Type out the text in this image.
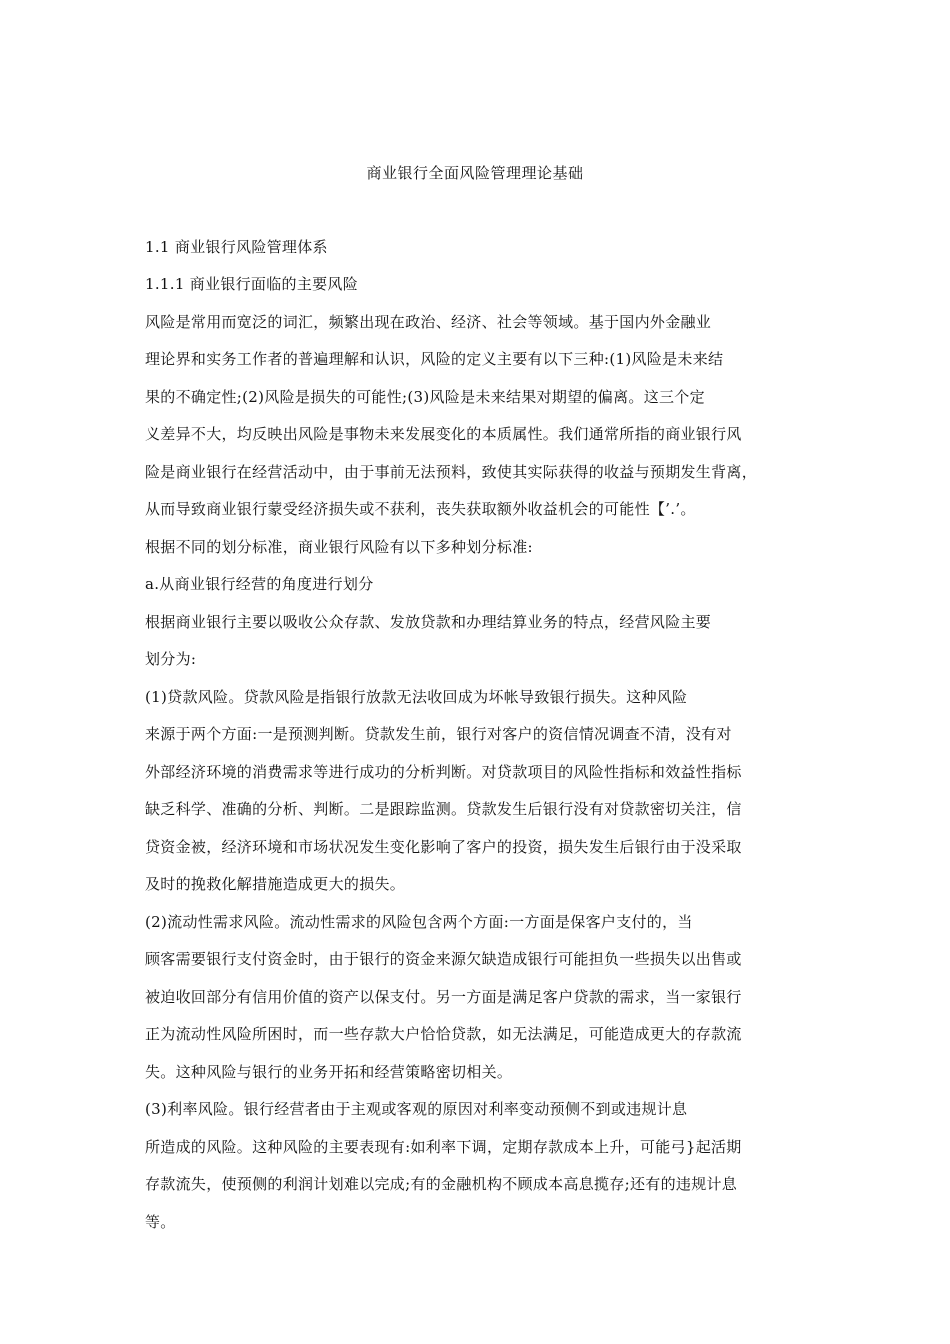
商业银行全面风险管理理论基础
1.1 商业银行风险管理体系
1.1.1 商业银行面临的主要风险
风险是常用而宽泛的词汇，频繁出现在政治、经济、社会等领域。基于国内外金融业
理论界和实务工作者的普遍理解和认识，风险的定义主要有以下三种:(1)风险是未来结
果的不确定性;(2)风险是损失的可能性;(3)风险是未来结果对期望的偏离。这三个定
义差异不大，均反映出风险是事物未来发展变化的本质属性。我们通常所指的商业银行风
险是商业银行在经营活动中，由于事前无法预料，致使其实际获得的收益与预期发生背离，
从而导致商业银行蒙受经济损失或不获利，丧失获取额外收益机会的可能性【’.’。
根据不同的划分标准，商业银行风险有以下多种划分标准:
a.从商业银行经营的角度进行划分
根据商业银行主要以吸收公众存款、发放贷款和办理结算业务的特点，经营风险主要
划分为:
(1)贷款风险。贷款风险是指银行放款无法收回成为坏帐导致银行损失。这种风险
来源于两个方面:一是预测判断。贷款发生前，银行对客户的资信情况调查不清，没有对
外部经济环境的消费需求等进行成功的分析判断。对贷款项目的风险性指标和效益性指标
缺乏科学、准确的分析、判断。二是跟踪监测。贷款发生后银行没有对贷款密切关注，信
贷资金被，经济环境和市场状况发生变化影响了客户的投资，损失发生后银行由于没采取
及时的挽救化解措施造成更大的损失。
(2)流动性需求风险。流动性需求的风险包含两个方面:一方面是保客户支付的，当
顾客需要银行支付资金时，由于银行的资金来源欠缺造成银行可能担负一些损失以出售或
被迫收回部分有信用价值的资产以保支付。另一方面是满足客户贷款的需求，当一家银行
正为流动性风险所困时，而一些存款大户恰恰贷款，如无法满足，可能造成更大的存款流
失。这种风险与银行的业务开拓和经营策略密切相关。
(3)利率风险。银行经营者由于主观或客观的原因对利率变动预侧不到或违规计息
所造成的风险。这种风险的主要表现有:如利率下调，定期存款成本上升，可能弓}起活期
存款流失，使预侧的利润计划难以完成;有的金融机构不顾成本高息揽存;还有的违规计息
等。
